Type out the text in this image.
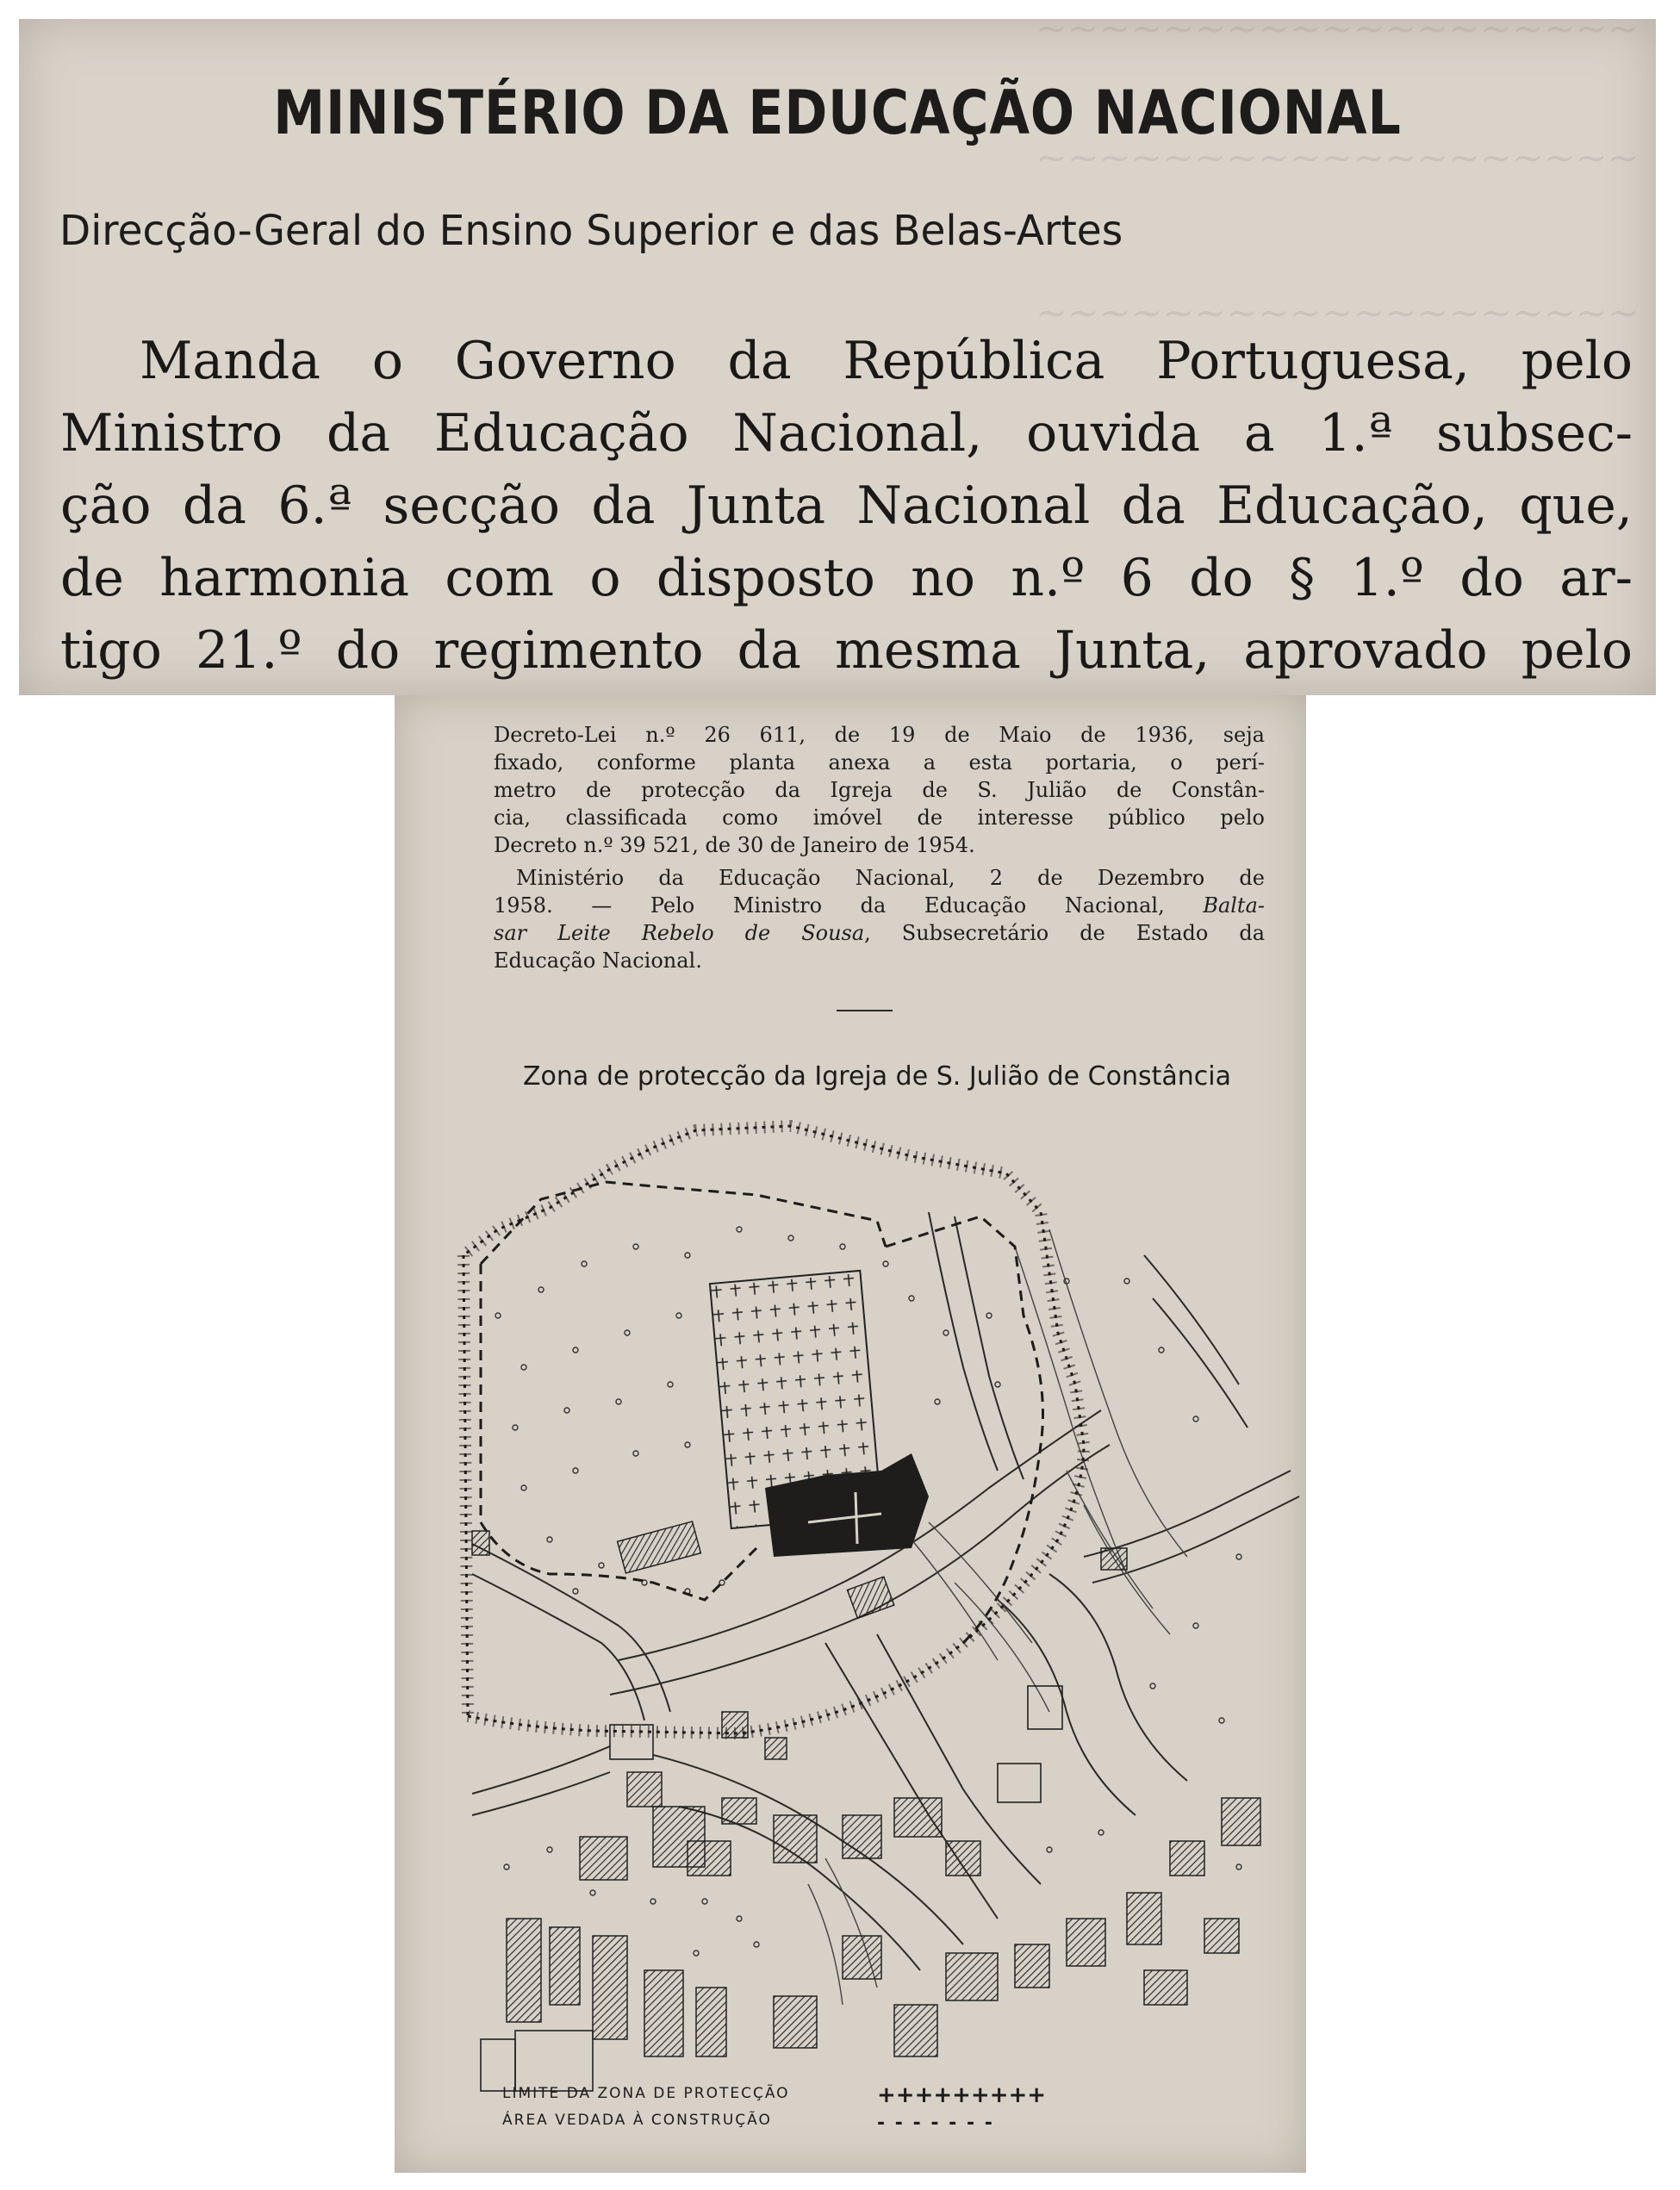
~~~~~~~~~~~~~~~~~~~
~~~~~~~~~~~~~~~~~~~
~~~~~~~~~~~~~~~~~~~
MINISTÉRIO DA EDUCAÇÃO NACIONAL
Direcção-Geral do Ensino Superior e das Belas-Artes
Manda o Governo da República Portuguesa, pelo
Ministro da Educação Nacional, ouvida a 1.ª subsec-
ção da 6.ª secção da Junta Nacional da Educação, que,
de harmonia com o disposto no n.º 6 do § 1.º do ar-
tigo 21.º do regimento da mesma Junta, aprovado pelo
Decreto-Lei n.º 26 611, de 19 de Maio de 1936, seja
fixado, conforme planta anexa a esta portaria, o perí-
metro de protecção da Igreja de S. Julião de Constân-
cia, classificada como imóvel de interesse público pelo
Decreto n.º 39 521, de 30 de Janeiro de 1954.
Ministério da Educação Nacional, 2 de Dezembro de
1958. — Pelo Ministro da Educação Nacional, Balta-
sar Leite Rebelo de Sousa, Subsecretário de Estado da
Educação Nacional.
Zona de protecção da Igreja de S. Julião de Constância
+++++++++
- - - - - - -
LIMITE DA ZONA DE PROTECÇÃO
ÁREA VEDADA À CONSTRUÇÃO
